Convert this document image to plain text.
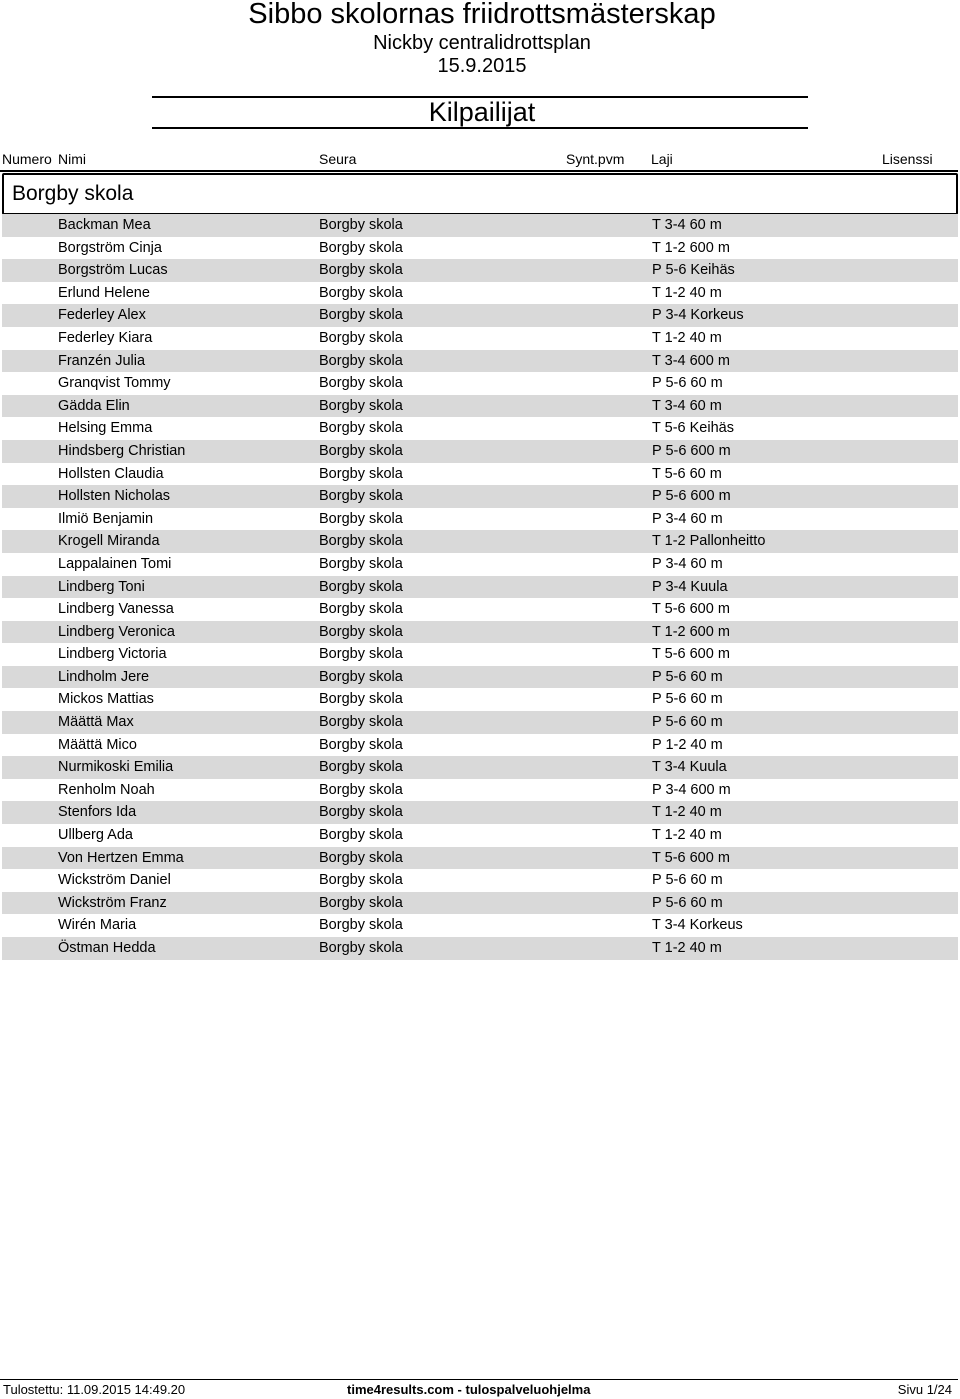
Sibbo skolornas friidrottsmästerskap
Nickby centralidrottsplan
15.9.2015
Kilpailijat
Numero Nimi	Seura	Synt.pvm Laji	Lisenssi
Borgby skola
Backman Mea	Borgby skola	T 3-4 60 m
Borgström Cinja	Borgby skola	T 1-2 600 m
Borgström Lucas	Borgby skola	P 5-6 Keihäs
Erlund Helene	Borgby skola	T 1-2 40 m
Federley Alex	Borgby skola	P 3-4 Korkeus
Federley Kiara	Borgby skola	T 1-2 40 m
Franzén Julia	Borgby skola	T 3-4 600 m
Granqvist Tommy	Borgby skola	P 5-6 60 m
Gädda Elin	Borgby skola	T 3-4 60 m
Helsing Emma	Borgby skola	T 5-6 Keihäs
Hindsberg Christian	Borgby skola	P 5-6 600 m
Hollsten Claudia	Borgby skola	T 5-6 60 m
Hollsten Nicholas	Borgby skola	P 5-6 600 m
Ilmiö Benjamin	Borgby skola	P 3-4 60 m
Krogell Miranda	Borgby skola	T 1-2 Pallonheitto
Lappalainen Tomi	Borgby skola	P 3-4 60 m
Lindberg Toni	Borgby skola	P 3-4 Kuula
Lindberg Vanessa	Borgby skola	T 5-6 600 m
Lindberg Veronica	Borgby skola	T 1-2 600 m
Lindberg Victoria	Borgby skola	T 5-6 600 m
Lindholm Jere	Borgby skola	P 5-6 60 m
Mickos Mattias	Borgby skola	P 5-6 60 m
Määttä Max	Borgby skola	P 5-6 60 m
Määttä Mico	Borgby skola	P 1-2 40 m
Nurmikoski Emilia	Borgby skola	T 3-4 Kuula
Renholm Noah	Borgby skola	P 3-4 600 m
Stenfors Ida	Borgby skola	T 1-2 40 m
Ullberg Ada	Borgby skola	T 1-2 40 m
Von Hertzen Emma	Borgby skola	T 5-6 600 m
Wickström Daniel	Borgby skola	P 5-6 60 m
Wickström Franz	Borgby skola	P 5-6 60 m
Wirén Maria	Borgby skola	T 3-4 Korkeus
Östman Hedda	Borgby skola	T 1-2 40 m
Tulostettu: 11.09.2015 14:49.20	time4results.com - tulospalveluohjelma	Sivu 1/24
